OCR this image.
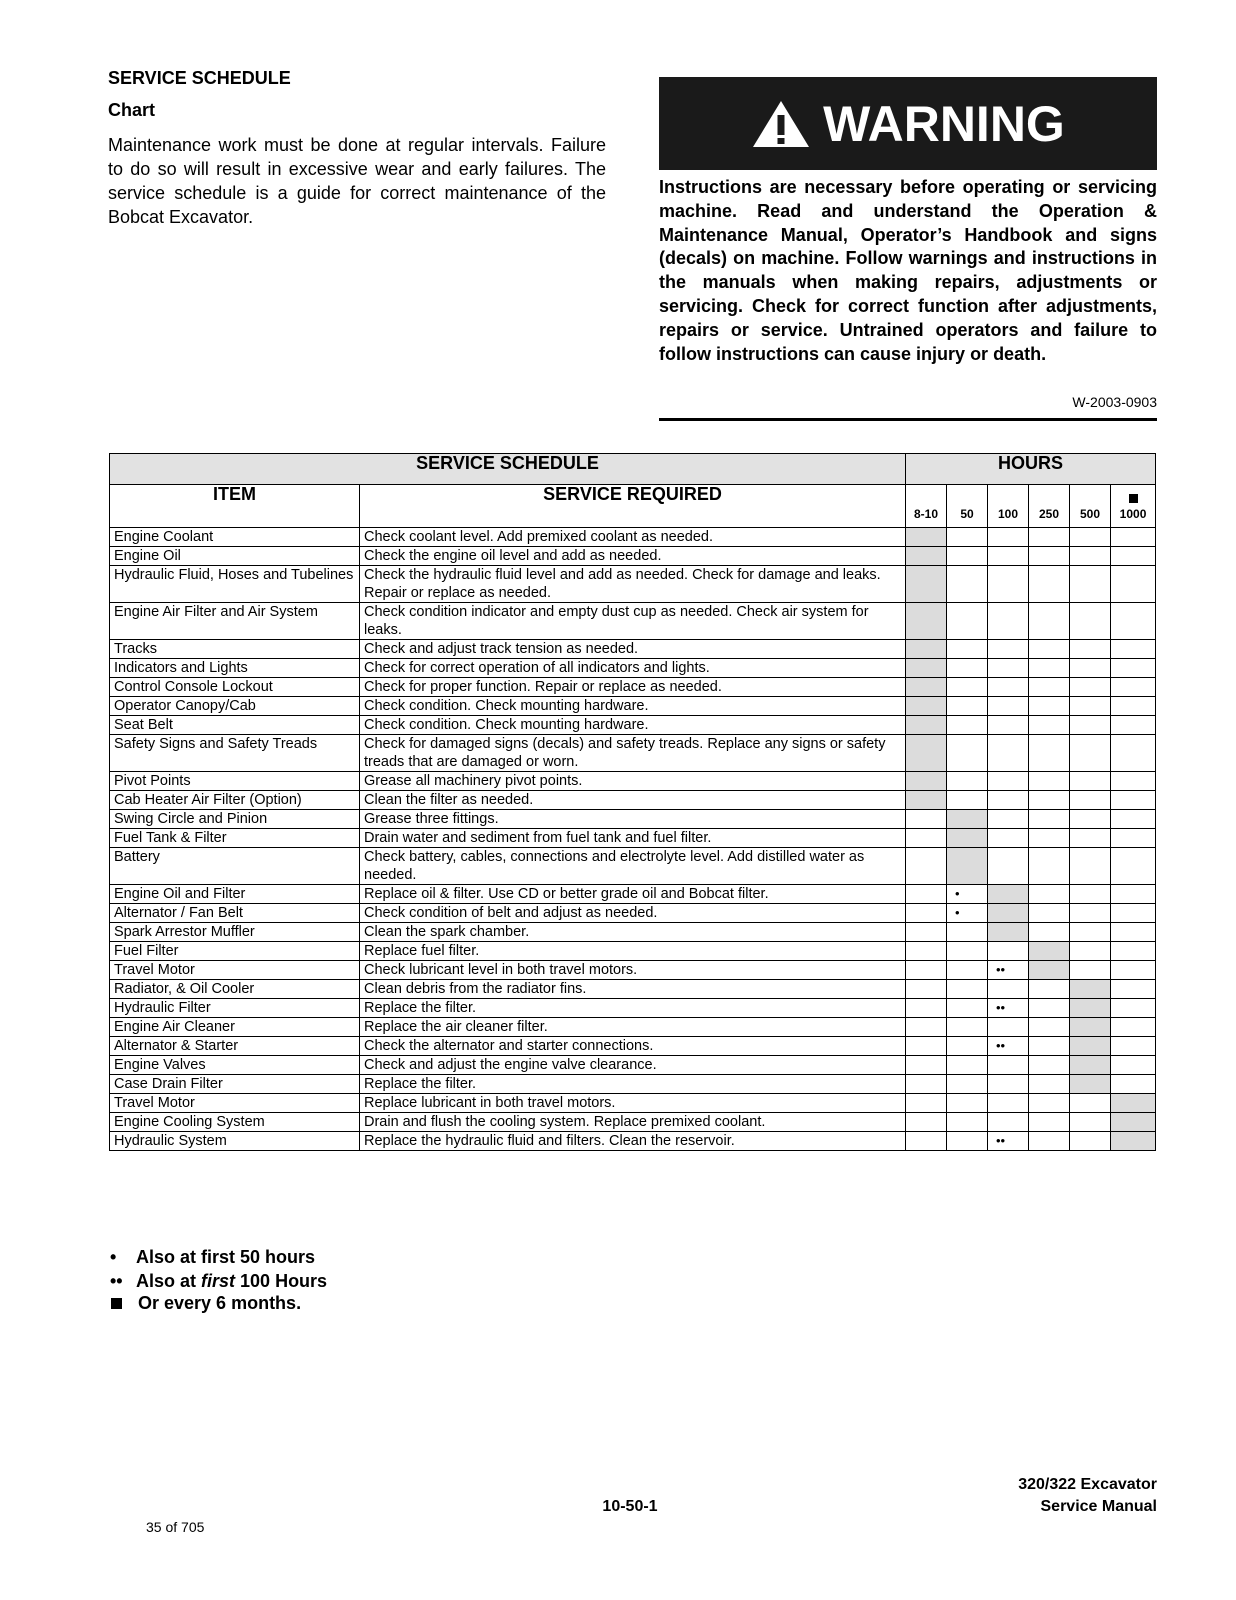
SERVICE SCHEDULE
Chart
Maintenance work must be done at regular intervals. Failure to do so will result in excessive wear and early failures. The service schedule is a guide for correct maintenance of the Bobcat Excavator.
WARNING
Instructions are necessary before operating or servicing machine. Read and understand the Operation & Maintenance Manual, Operator’s Handbook and signs (decals) on machine. Follow warnings and instructions in the manuals when making repairs, adjustments or servicing. Check for correct function after adjustments, repairs or service. Untrained operators and failure to follow instructions can cause injury or death.
W-2003-0903
SERVICE SCHEDULE		HOURS					
ITEM	SERVICE REQUIRED	8-10	50	100	250	500	1000
Engine Coolant	Check coolant level. Add premixed coolant as needed.						
Engine Oil	Check the engine oil level and add as needed.						
Hydraulic Fluid, Hoses and Tubelines	Check the hydraulic fluid level and add as needed. Check for damage and leaks. Repair or replace as needed.						
Engine Air Filter and Air System	Check condition indicator and empty dust cup as needed. Check air system for leaks.						
Tracks	Check and adjust track tension as needed.						
Indicators and Lights	Check for correct operation of all indicators and lights.						
Control Console Lockout	Check for proper function. Repair or replace as needed.						
Operator Canopy/Cab	Check condition. Check mounting hardware.						
Seat Belt	Check condition. Check mounting hardware.						
Safety Signs and Safety Treads	Check for damaged signs (decals) and safety treads. Replace any signs or safety treads that are damaged or worn.						
Pivot Points	Grease all machinery pivot points.						
Cab Heater Air Filter (Option)	Clean the filter as needed.						
Swing Circle and Pinion	Grease three fittings.						
Fuel Tank & Filter	Drain water and sediment from fuel tank and fuel filter.						
Battery	Check battery, cables, connections and electrolyte level. Add distilled water as needed.						
Engine Oil and Filter	Replace oil & filter. Use CD or better grade oil and Bobcat filter.		•				
Alternator / Fan Belt	Check condition of belt and adjust as needed.		•				
Spark Arrestor Muffler	Clean the spark chamber.						
Fuel Filter	Replace fuel filter.						
Travel Motor	Check lubricant level in both travel motors.			••			
Radiator, & Oil Cooler	Clean debris from the radiator fins.						
Hydraulic Filter	Replace the filter.			••			
Engine Air Cleaner	Replace the air cleaner filter.						
Alternator & Starter	Check the alternator and starter connections.			••			
Engine Valves	Check and adjust the engine valve clearance.						
Case Drain Filter	Replace the filter.						
Travel Motor	Replace lubricant in both travel motors.						
Engine Cooling System	Drain and flush the cooling system. Replace premixed coolant.						
Hydraulic System	Replace the hydraulic fluid and filters. Clean the reservoir.			••			
• Also at first 50 hours
•• Also at first 100 Hours
Or every 6 months.
320/322 Excavator
Service Manual
10-50-1
35 of 705
